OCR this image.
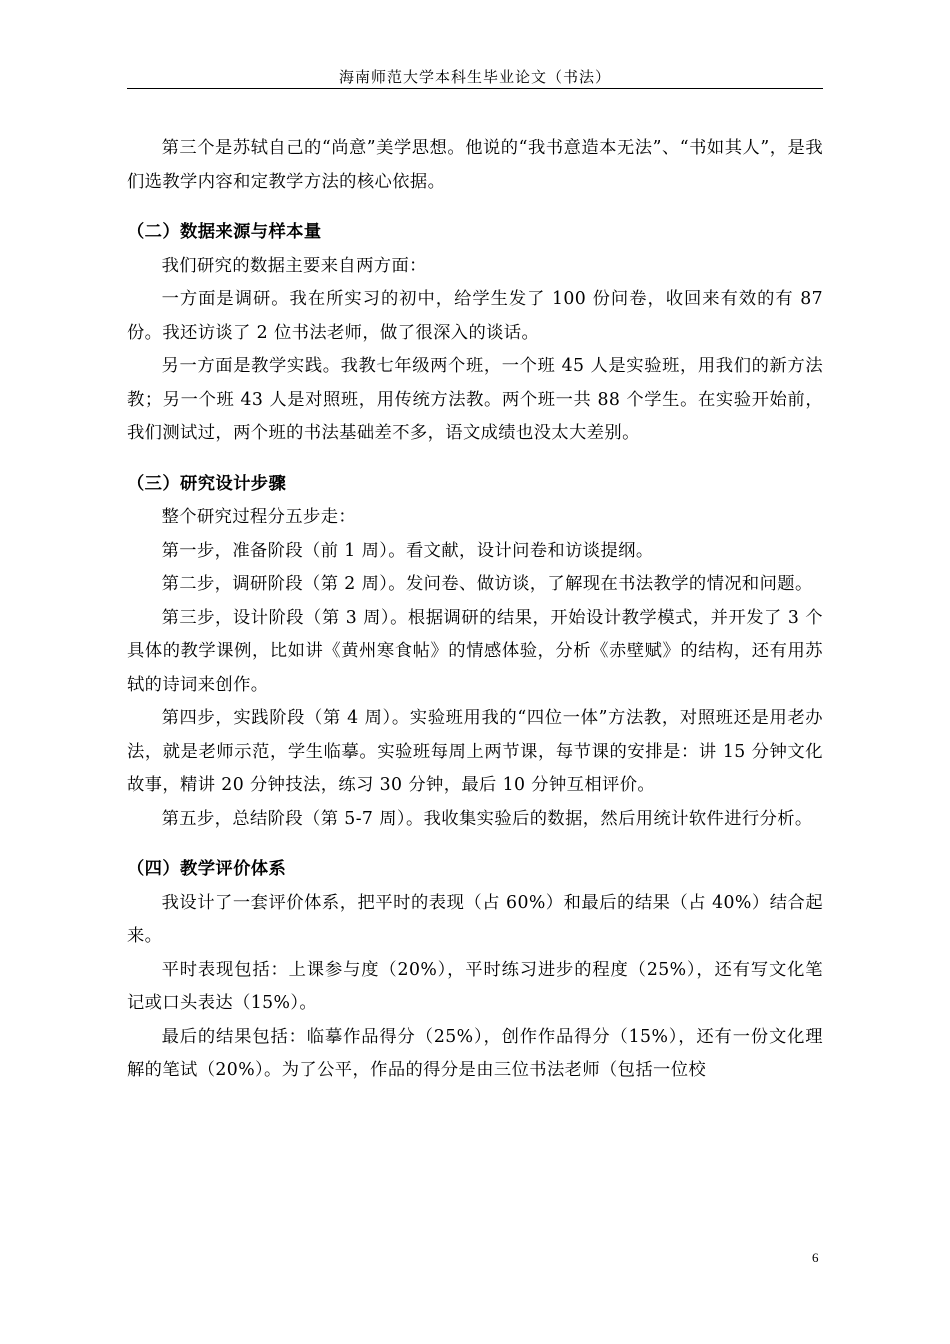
海南师范大学本科生毕业论文（书法）

第三个是苏轼自己的“尚意”美学思想。他说的“我书意造本无法”、“书如其人”，是我们选教学内容和定教学方法的核心依据。

（二）数据来源与样本量

我们研究的数据主要来自两方面：

一方面是调研。我在所实习的初中，给学生发了 100 份问卷，收回来有效的有 87 份。我还访谈了 2 位书法老师，做了很深入的谈话。

另一方面是教学实践。我教七年级两个班，一个班 45 人是实验班，用我们的新方法教；另一个班 43 人是对照班，用传统方法教。两个班一共 88 个学生。在实验开始前，我们测试过，两个班的书法基础差不多，语文成绩也没太大差别。

（三）研究设计步骤

整个研究过程分五步走：

第一步，准备阶段（前 1 周）。看文献，设计问卷和访谈提纲。

第二步，调研阶段（第 2 周）。发问卷、做访谈，了解现在书法教学的情况和问题。

第三步，设计阶段（第 3 周）。根据调研的结果，开始设计教学模式，并开发了 3 个具体的教学课例，比如讲《黄州寒食帖》的情感体验，分析《赤壁赋》的结构，还有用苏轼的诗词来创作。

第四步，实践阶段（第 4 周）。实验班用我的“四位一体”方法教，对照班还是用老办法，就是老师示范，学生临摹。实验班每周上两节课，每节课的安排是：讲 15 分钟文化故事，精讲 20 分钟技法，练习 30 分钟，最后 10 分钟互相评价。

第五步，总结阶段（第 5-7 周）。我收集实验后的数据，然后用统计软件进行分析。

（四）教学评价体系

我设计了一套评价体系，把平时的表现（占 60%）和最后的结果（占 40%）结合起来。

平时表现包括：上课参与度（20%），平时练习进步的程度（25%），还有写文化笔记或口头表达（15%）。

最后的结果包括：临摹作品得分（25%），创作作品得分（15%），还有一份文化理解的笔试（20%）。为了公平，作品的得分是由三位书法老师（包括一位校

6
